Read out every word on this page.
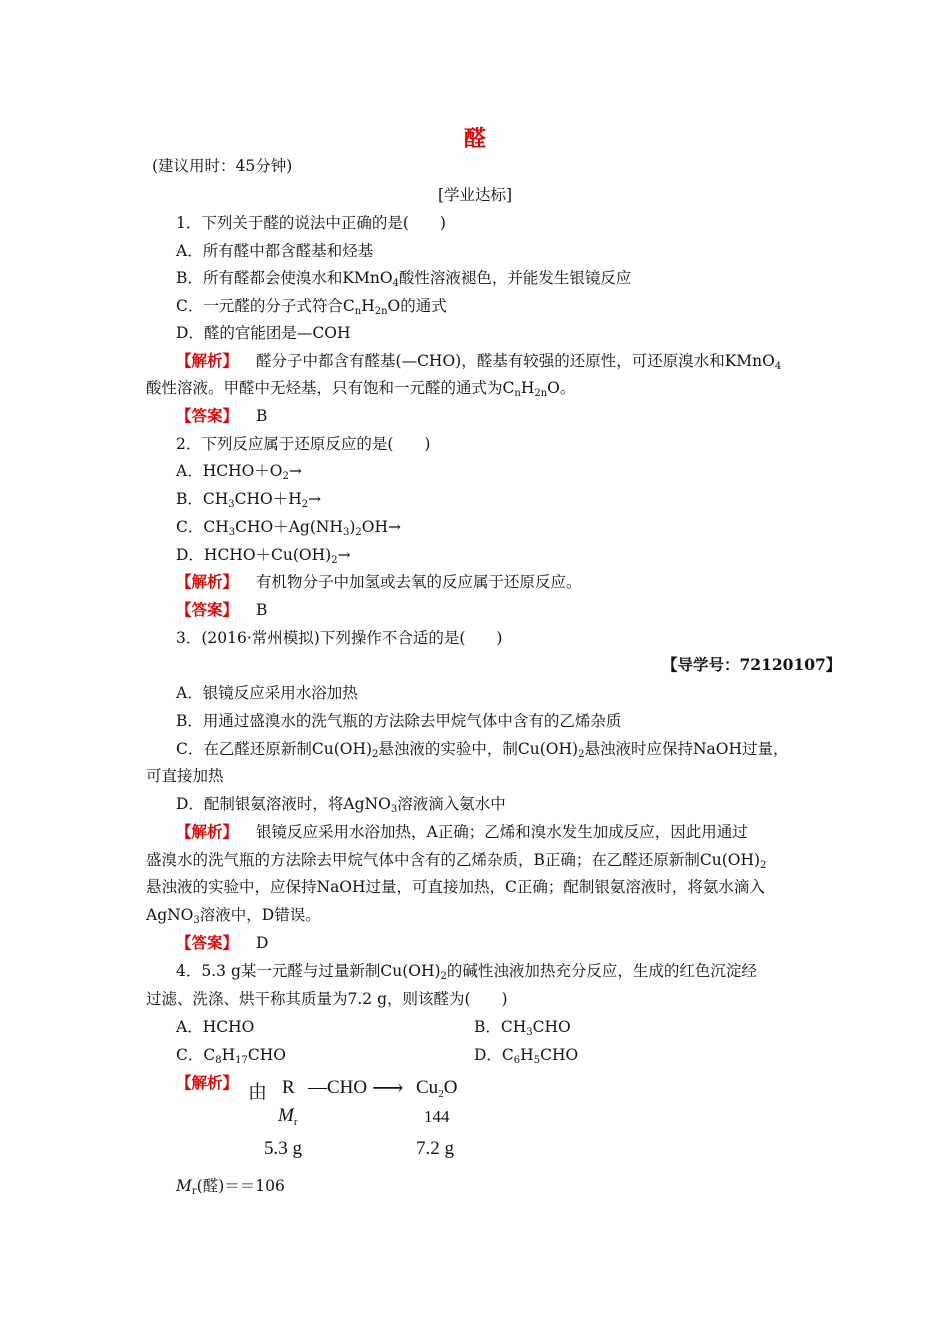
醛
(建议用时：45分钟)
[学业达标]
1．下列关于醛的说法中正确的是(　　)
A．所有醛中都含醛基和烃基
B．所有醛都会使溴水和KMnO$_4$酸性溶液褪色，并能发生银镜反应
C．一元醛的分子式符合$C_nH_{2n}O$的通式
D．醛的官能团是—COH
【解析】 醛分子中都含有醛基(—CHO)，醛基有较强的还原性，可还原溴水和KMnO$_4$
酸性溶液。甲醛中无烃基，只有饱和一元醛的通式为$C_nH_{2n}O$。
【答案】 B
2．下列反应属于还原反应的是(　　)
A．$HCHO+O_2\to$
B．$CH_3CHO+H_2\to$
C．$CH_3CHO+Ag(NH_3)_2OH\to$
D．$HCHO+Cu(OH)_2\to$
【解析】 有机物分子中加氢或去氧的反应属于还原反应。
【答案】 B
3．(2016·常州模拟)下列操作不合适的是(　　)
【导学号：72120107】
A．银镜反应采用水浴加热
B．用通过盛溴水的洗气瓶的方法除去甲烷气体中含有的乙烯杂质
C．在乙醛还原新制$Cu(OH)_2$悬浊液的实验中，制$Cu(OH)_2$悬浊液时应保持NaOH过量，
可直接加热
D．配制银氨溶液时，将AgNO$_3$溶液滴入氨水中
【解析】 银镜反应采用水浴加热，A正确；乙烯和溴水发生加成反应，因此用通过
盛溴水的洗气瓶的方法除去甲烷气体中含有的乙烯杂质，B正确；在乙醛还原新制$Cu(OH)_2$
悬浊液的实验中，应保持NaOH过量，可直接加热，C正确；配制银氨溶液时，将氨水滴入
AgNO$_3$溶液中，D错误。
【答案】 D
4．5.3 g某一元醛与过量新制$Cu(OH)_2$的碱性浊液加热充分反应，生成的红色沉淀经
过滤、洗涤、烘干称其质量为7.2 g，则该醛为(　　)
A．HCHO	B．$CH_3CHO$
C．$C_8H_{17}CHO$	D．$C_6H_5CHO$
【解析】 由 R —CHO ⟶ $Cu_2O$
$M_r$	144
5.3 g	7.2 g
$M_r$(醛)＝＝106
